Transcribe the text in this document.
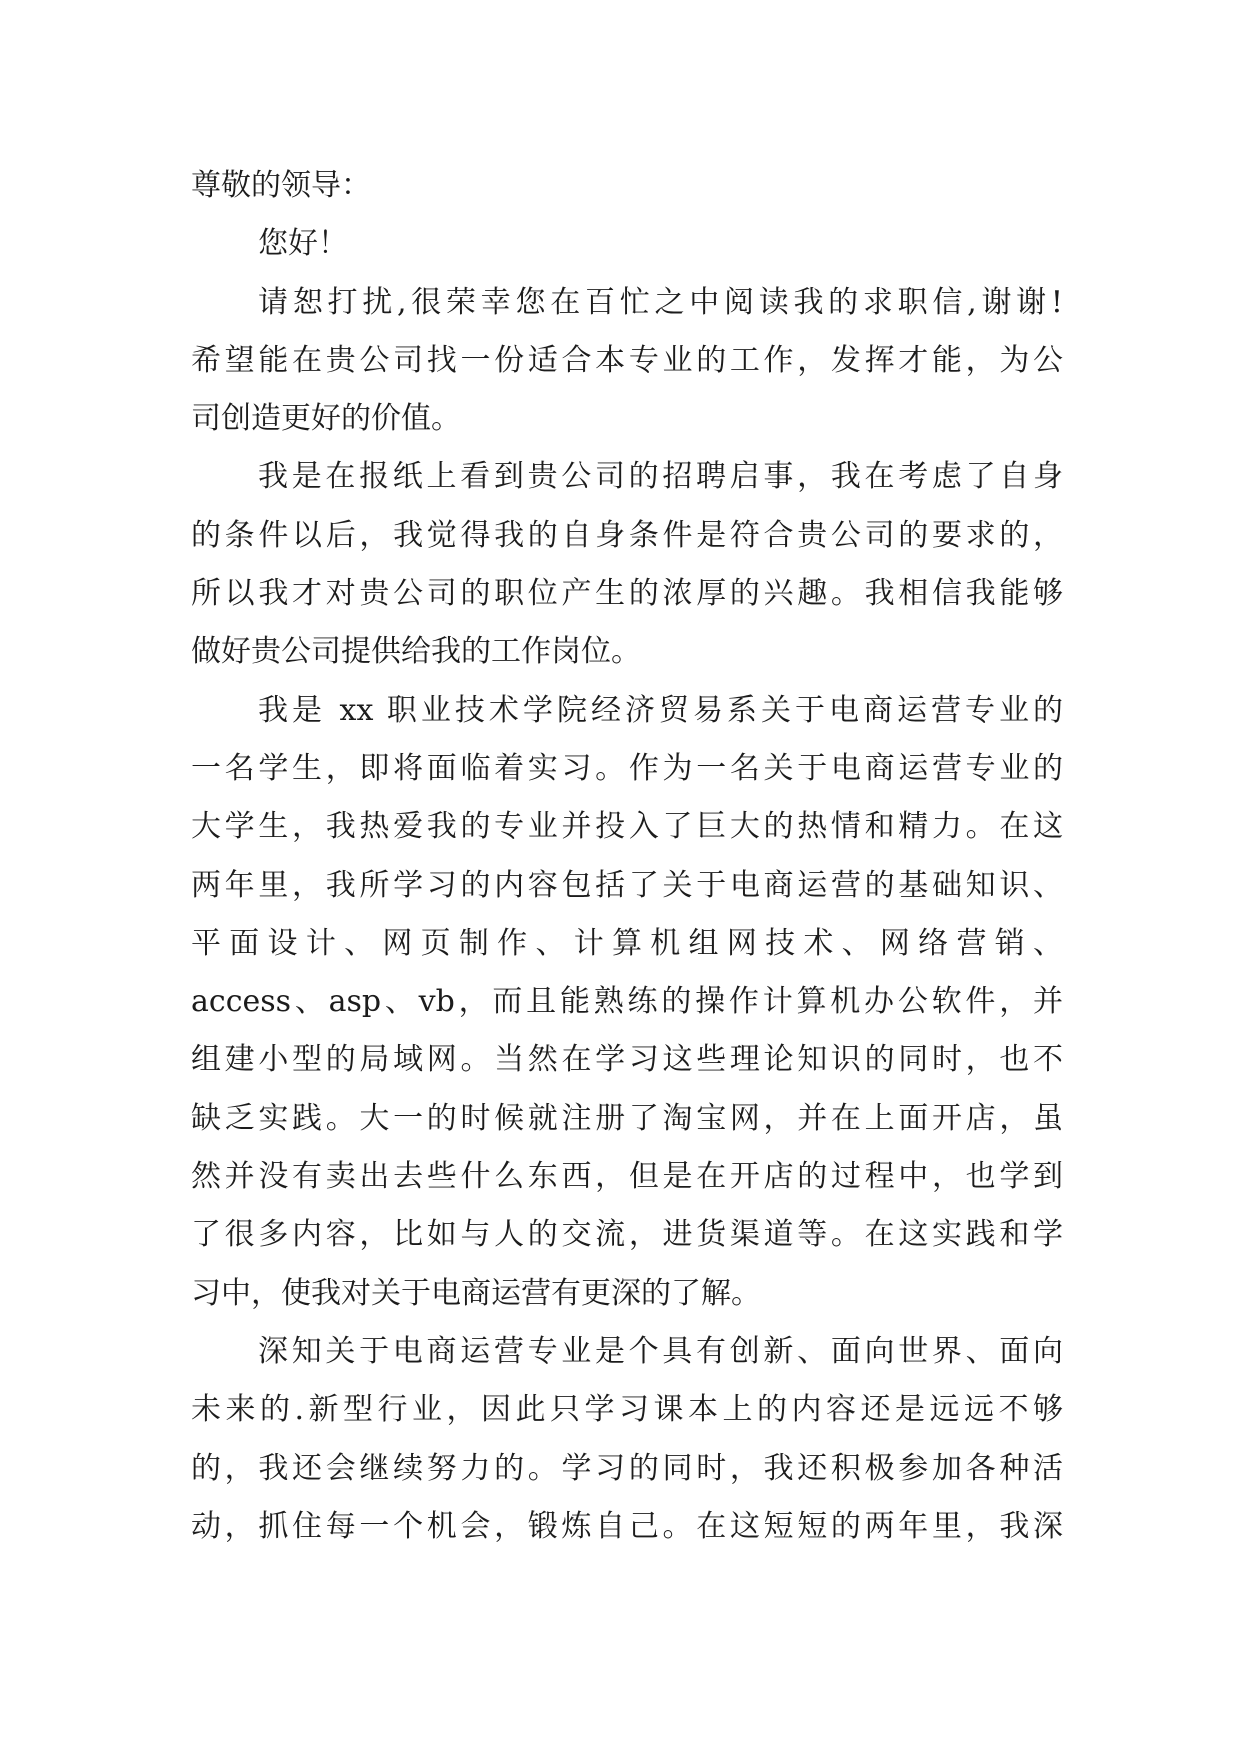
尊敬的领导：
您好！
请恕打扰,很荣幸您在百忙之中阅读我的求职信,谢谢!
希望能在贵公司找一份适合本专业的工作，发挥才能，为公
司创造更好的价值。
我是在报纸上看到贵公司的招聘启事，我在考虑了自身
的条件以后，我觉得我的自身条件是符合贵公司的要求的，
所以我才对贵公司的职位产生的浓厚的兴趣。我相信我能够
做好贵公司提供给我的工作岗位。
我是 xx 职业技术学院经济贸易系关于电商运营专业的
一名学生，即将面临着实习。作为一名关于电商运营专业的
大学生，我热爱我的专业并投入了巨大的热情和精力。在这
两年里，我所学习的内容包括了关于电商运营的基础知识、
平面设计、网页制作、计算机组网技术、网络营销、
access、asp、vb，而且能熟练的操作计算机办公软件，并
组建小型的局域网。当然在学习这些理论知识的同时，也不
缺乏实践。大一的时候就注册了淘宝网，并在上面开店，虽
然并没有卖出去些什么东西，但是在开店的过程中，也学到
了很多内容，比如与人的交流，进货渠道等。在这实践和学
习中，使我对关于电商运营有更深的了解。
深知关于电商运营专业是个具有创新、面向世界、面向
未来的.新型行业，因此只学习课本上的内容还是远远不够
的，我还会继续努力的。学习的同时，我还积极参加各种活
动，抓住每一个机会，锻炼自己。在这短短的两年里，我深
